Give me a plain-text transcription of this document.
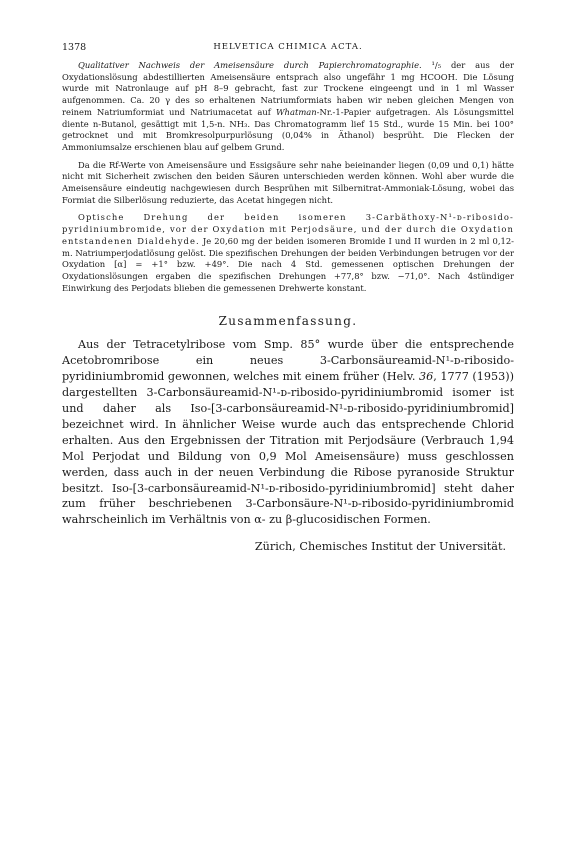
1378	HELVETICA CHIMICA ACTA.

Qualitativer Nachweis der Ameisensäure durch Papierchromatographie. ¹/₅ der aus der Oxydationslösung abdestillierten Ameisensäure entsprach also ungefähr 1 mg HCOOH. Die Lösung wurde mit Natronlauge auf pH 8–9 gebracht, fast zur Trockene eingeengt und in 1 ml Wasser aufgenommen. Ca. 20 γ des so erhaltenen Natriumformiats haben wir neben gleichen Mengen von reinem Natriumformiat und Natriumacetat auf Whatman-Nr.-1-Papier aufgetragen. Als Lösungsmittel diente n-Butanol, gesättigt mit 1,5-n. NH₃. Das Chromatogramm lief 15 Std., wurde 15 Min. bei 100° getrocknet und mit Bromkresolpurpurlösung (0,04% in Äthanol) besprüht. Die Flecken der Ammoniumsalze erschienen blau auf gelbem Grund.

Da die Rf-Werte von Ameisensäure und Essigsäure sehr nahe beieinander liegen (0,09 und 0,1) hätte nicht mit Sicherheit zwischen den beiden Säuren unterschieden werden können. Wohl aber wurde die Ameisensäure eindeutig nachgewiesen durch Besprühen mit Silbernitrat-Ammoniak-Lösung, wobei das Formiat die Silberlösung reduzierte, das Acetat hingegen nicht.

Optische Drehung der beiden isomeren 3-Carbäthoxy-N¹-ᴅ-ribosido-pyridiniumbromide, vor der Oxydation mit Perjodsäure, und der durch die Oxydation entstandenen Dialdehyde. Je 20,60 mg der beiden isomeren Bromide I und II wurden in 2 ml 0,12-m. Natriumperjodatlösung gelöst. Die spezifischen Drehungen der beiden Verbindungen betrugen vor der Oxydation [α] = +1° bzw. +49°. Die nach 4 Std. gemessenen optischen Drehungen der Oxydationslösungen ergaben die spezifischen Drehungen +77,8° bzw. −71,0°. Nach 4stündiger Einwirkung des Perjodats blieben die gemessenen Drehwerte konstant.

Zusammenfassung.

Aus der Tetracetylribose vom Smp. 85° wurde über die entsprechende Acetobromribose ein neues 3-Carbonsäureamid-N¹-ᴅ-ribosido-pyridiniumbromid gewonnen, welches mit einem früher (Helv. 36, 1777 (1953)) dargestellten 3-Carbonsäureamid-N¹-ᴅ-ribosido-pyridiniumbromid isomer ist und daher als Iso-[3-carbonsäureamid-N¹-ᴅ-ribosido-pyridiniumbromid] bezeichnet wird. In ähnlicher Weise wurde auch das entsprechende Chlorid erhalten. Aus den Ergebnissen der Titration mit Perjodsäure (Verbrauch 1,94 Mol Perjodat und Bildung von 0,9 Mol Ameisensäure) muss geschlossen werden, dass auch in der neuen Verbindung die Ribose pyranoside Struktur besitzt. Iso-[3-carbonsäureamid-N¹-ᴅ-ribosido-pyridiniumbromid] steht daher zum früher beschriebenen 3-Carbonsäure-N¹-ᴅ-ribosido-pyridiniumbromid wahrscheinlich im Verhältnis von α- zu β-glucosidischen Formen.

Zürich, Chemisches Institut der Universität.
